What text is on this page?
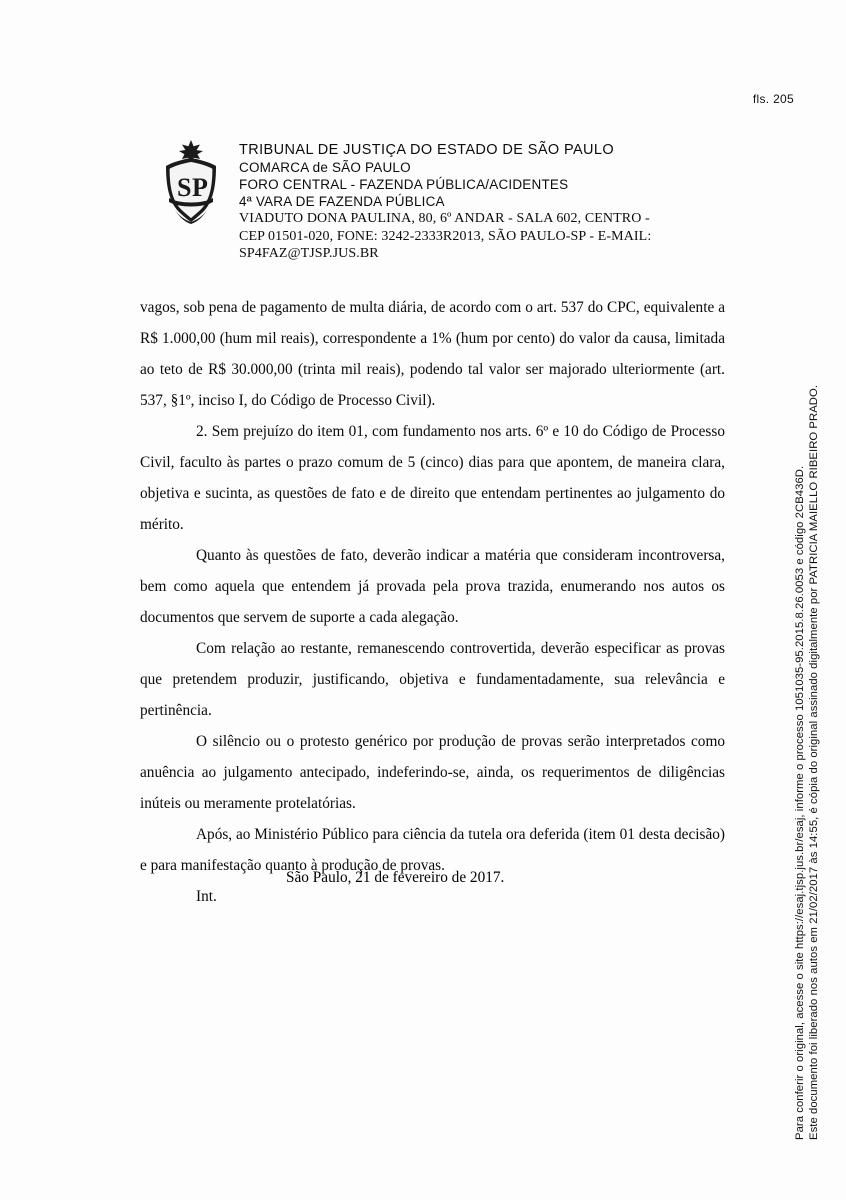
fls. 205
S P
TRIBUNAL DE JUSTIÇA DO ESTADO DE SÃO PAULO
COMARCA de SÃO PAULO
FORO CENTRAL - FAZENDA PÚBLICA/ACIDENTES
4ª VARA DE FAZENDA PÚBLICA
VIADUTO DONA PAULINA, 80, 6º ANDAR - SALA 602, CENTRO -
CEP 01501-020, FONE: 3242-2333R2013, SÃO PAULO-SP - E-MAIL:
SP4FAZ@TJSP.JUS.BR

vagos, sob pena de pagamento de multa diária, de acordo com o art. 537 do CPC, equivalente a R$ 1.000,00 (hum mil reais), correspondente a 1% (hum por cento) do valor da causa, limitada ao teto de R$ 30.000,00 (trinta mil reais), podendo tal valor ser majorado ulteriormente (art. 537, §1º, inciso I, do Código de Processo Civil).

2. Sem prejuízo do item 01, com fundamento nos arts. 6º e 10 do Código de Processo Civil, faculto às partes o prazo comum de 5 (cinco) dias para que apontem, de maneira clara, objetiva e sucinta, as questões de fato e de direito que entendam pertinentes ao julgamento do mérito.

Quanto às questões de fato, deverão indicar a matéria que consideram incontroversa, bem como aquela que entendem já provada pela prova trazida, enumerando nos autos os documentos que servem de suporte a cada alegação.

Com relação ao restante, remanescendo controvertida, deverão especificar as provas que pretendem produzir, justificando, objetiva e fundamentadamente, sua relevância e pertinência.

O silêncio ou o protesto genérico por produção de provas serão interpretados como anuência ao julgamento antecipado, indeferindo-se, ainda, os requerimentos de diligências inúteis ou meramente protelatórias.

Após, ao Ministério Público para ciência da tutela ora deferida (item 01 desta decisão) e para manifestação quanto à produção de provas.

Int.

São Paulo, 21 de fevereiro de 2017.	Este documento foi liberado nos autos em 21/02/2017 às 14:55, é cópia do original assinado digitalmente por PATRICIA MAIELLO RIBEIRO PRADO.
Para conferir o original, acesse o site https://esaj.tjsp.jus.br/esaj, informe o processo 1051035-95.2015.8.26.0053 e código 2CB436D.
